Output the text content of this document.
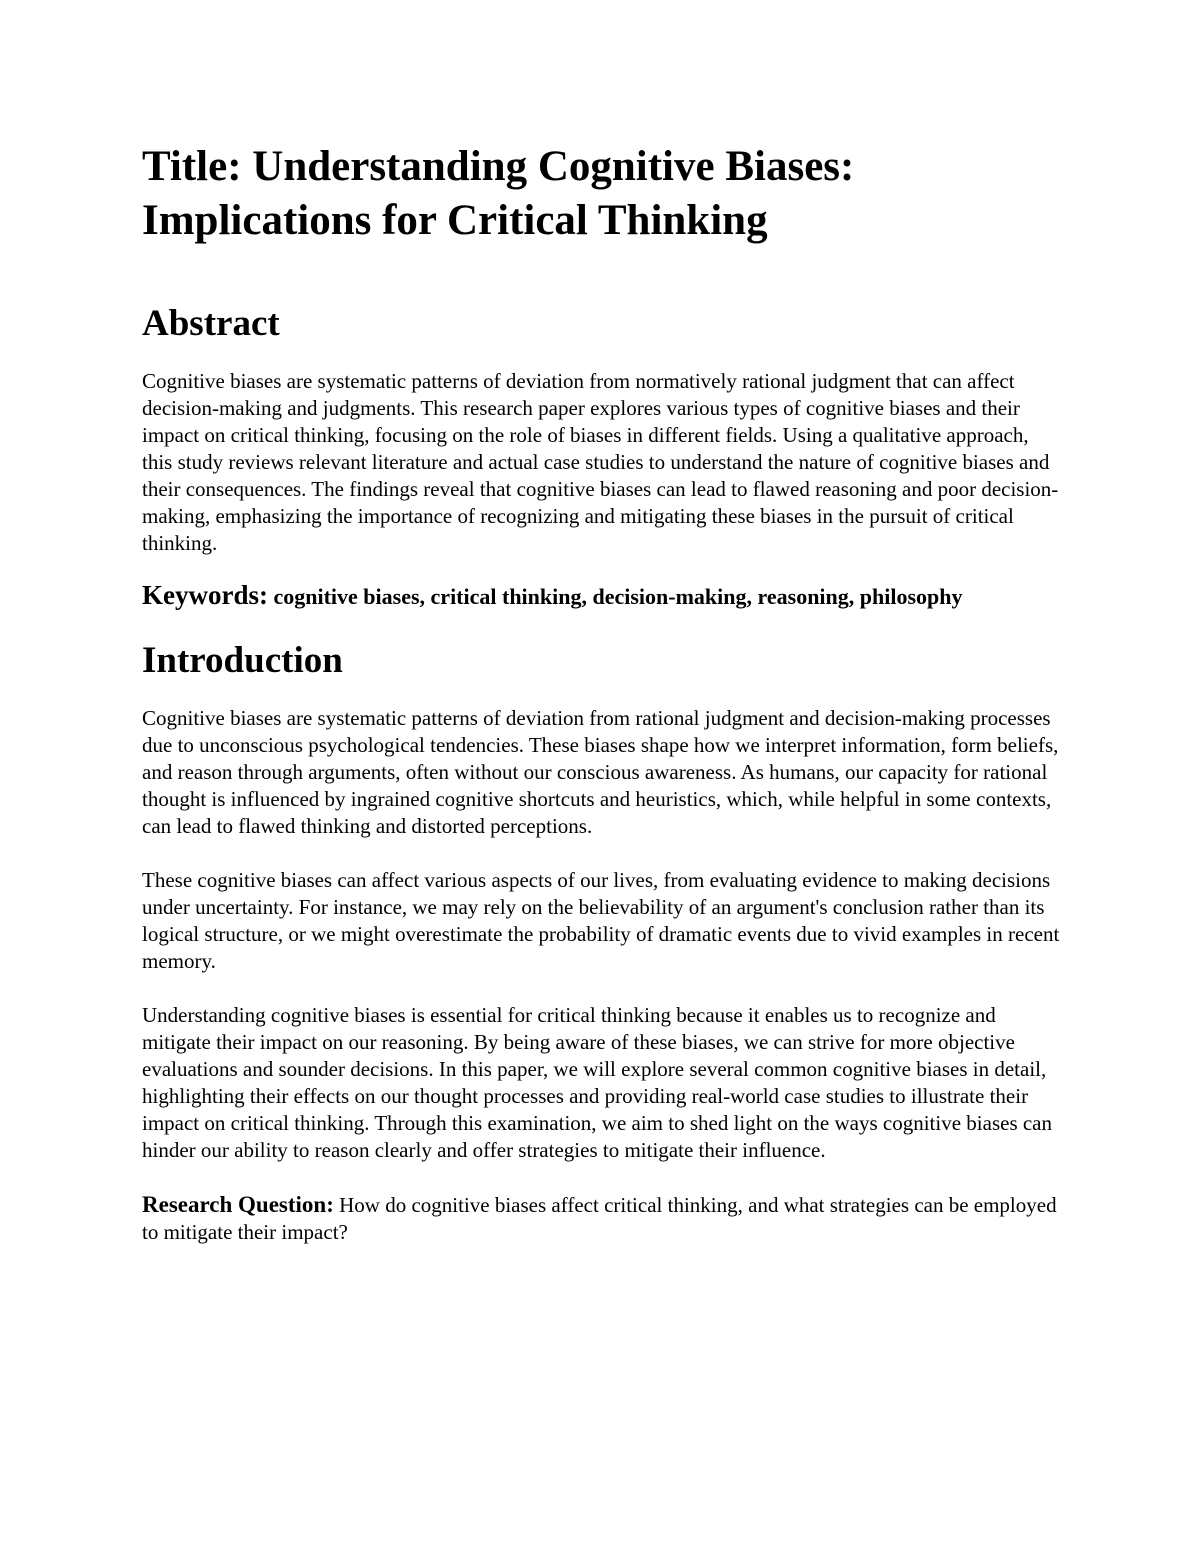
Title: Understanding Cognitive Biases: Implications for Critical Thinking
Abstract

Cognitive biases are systematic patterns of deviation from normatively rational judgment that can affect decision-making and judgments. This research paper explores various types of cognitive biases and their impact on critical thinking, focusing on the role of biases in different fields. Using a qualitative approach, this study reviews relevant literature and actual case studies to understand the nature of cognitive biases and their consequences. The findings reveal that cognitive biases can lead to flawed reasoning and poor decision-making, emphasizing the importance of recognizing and mitigating these biases in the pursuit of critical thinking.

Keywords: cognitive biases, critical thinking, decision-making, reasoning, philosophy

Introduction

Cognitive biases are systematic patterns of deviation from rational judgment and decision-making processes due to unconscious psychological tendencies. These biases shape how we interpret information, form beliefs, and reason through arguments, often without our conscious awareness. As humans, our capacity for rational thought is influenced by ingrained cognitive shortcuts and heuristics, which, while helpful in some contexts, can lead to flawed thinking and distorted perceptions.

These cognitive biases can affect various aspects of our lives, from evaluating evidence to making decisions under uncertainty. For instance, we may rely on the believability of an argument's conclusion rather than its logical structure, or we might overestimate the probability of dramatic events due to vivid examples in recent memory.

Understanding cognitive biases is essential for critical thinking because it enables us to recognize and mitigate their impact on our reasoning. By being aware of these biases, we can strive for more objective evaluations and sounder decisions. In this paper, we will explore several common cognitive biases in detail, highlighting their effects on our thought processes and providing real-world case studies to illustrate their impact on critical thinking. Through this examination, we aim to shed light on the ways cognitive biases can hinder our ability to reason clearly and offer strategies to mitigate their influence.

Research Question: How do cognitive biases affect critical thinking, and what strategies can be employed to mitigate their impact?
